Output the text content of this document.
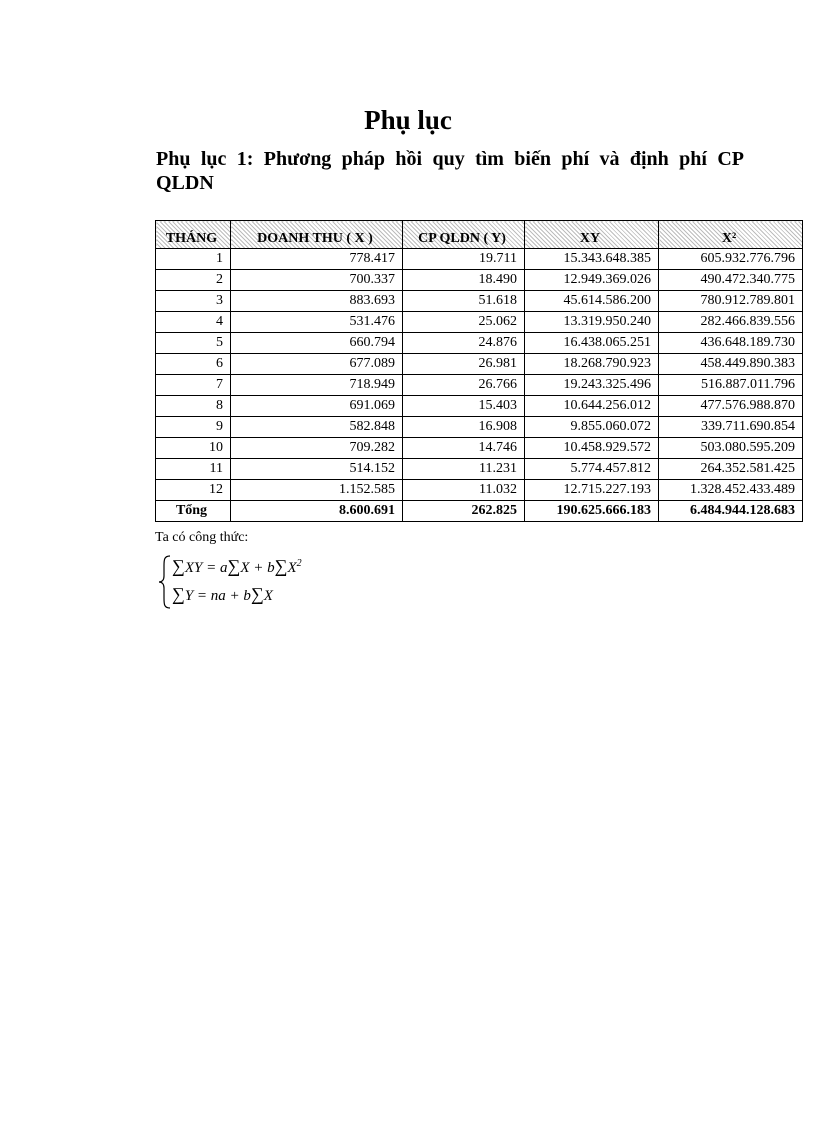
Phụ lục
Phụ lục 1: Phương pháp hồi quy tìm biến phí và định phí CP QLDN
THÁNG	DOANH THU ( X )	CP QLDN ( Y)	XY	X²
1	778.417	19.711	15.343.648.385	605.932.776.796
2	700.337	18.490	12.949.369.026	490.472.340.775
3	883.693	51.618	45.614.586.200	780.912.789.801
4	531.476	25.062	13.319.950.240	282.466.839.556
5	660.794	24.876	16.438.065.251	436.648.189.730
6	677.089	26.981	18.268.790.923	458.449.890.383
7	718.949	26.766	19.243.325.496	516.887.011.796
8	691.069	15.403	10.644.256.012	477.576.988.870
9	582.848	16.908	9.855.060.072	339.711.690.854
10	709.282	14.746	10.458.929.572	503.080.595.209
11	514.152	11.231	5.774.457.812	264.352.581.425
12	1.152.585	11.032	12.715.227.193	1.328.452.433.489
Tổng	8.600.691	262.825	190.625.666.183	6.484.944.128.683
Ta có công thức:
$\sum XY = a\sum X + b\sum X^2$
∑Y = na + b∑X
